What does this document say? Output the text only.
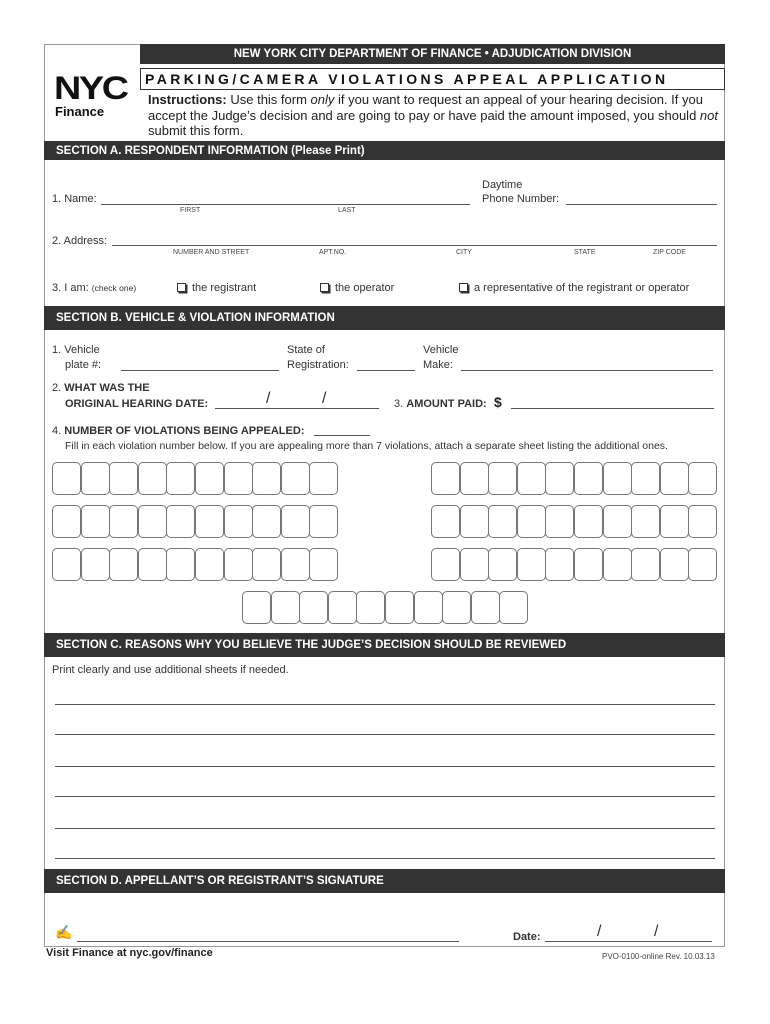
NYC
Finance
NEW YORK CITY DEPARTMENT OF FINANCE • ADJUDICATION DIVISION
PARKING/CAMERA VIOLATIONS APPEAL APPLICATION
Instructions: Use this form only if you want to request an appeal of your hearing decision. If you accept the Judge’s decision and are going to pay or have paid the amount imposed, you should not submit this form.
SECTION A. RESPONDENT INFORMATION (Please Print)
Daytime
1. Name:
FIRST	LAST
Phone Number:
2. Address:
NUMBER AND STREET	APT.NO.	CITY	STATE	ZIP CODE
3. I am: (check one)	the registrant	the operator	a representative of the registrant or operator
SECTION B. VEHICLE & VIOLATION INFORMATION
1. Vehicle
plate #:
State of
Registration:
Vehicle
Make:
2. WHAT WAS THE
ORIGINAL HEARING DATE:	/	/	3. AMOUNT PAID: $
4. NUMBER OF VIOLATIONS BEING APPEALED:
Fill in each violation number below. If you are appealing more than 7 violations, attach a separate sheet listing the additional ones.
SECTION C. REASONS WHY YOU BELIEVE THE JUDGE’S DECISION SHOULD BE REVIEWED
Print clearly and use additional sheets if needed.
SECTION D. APPELLANT’S OR REGISTRANT’S SIGNATURE
✍	Date:	/	/
Visit Finance at nyc.gov/finance	PVO-0100-online Rev. 10.03.13
